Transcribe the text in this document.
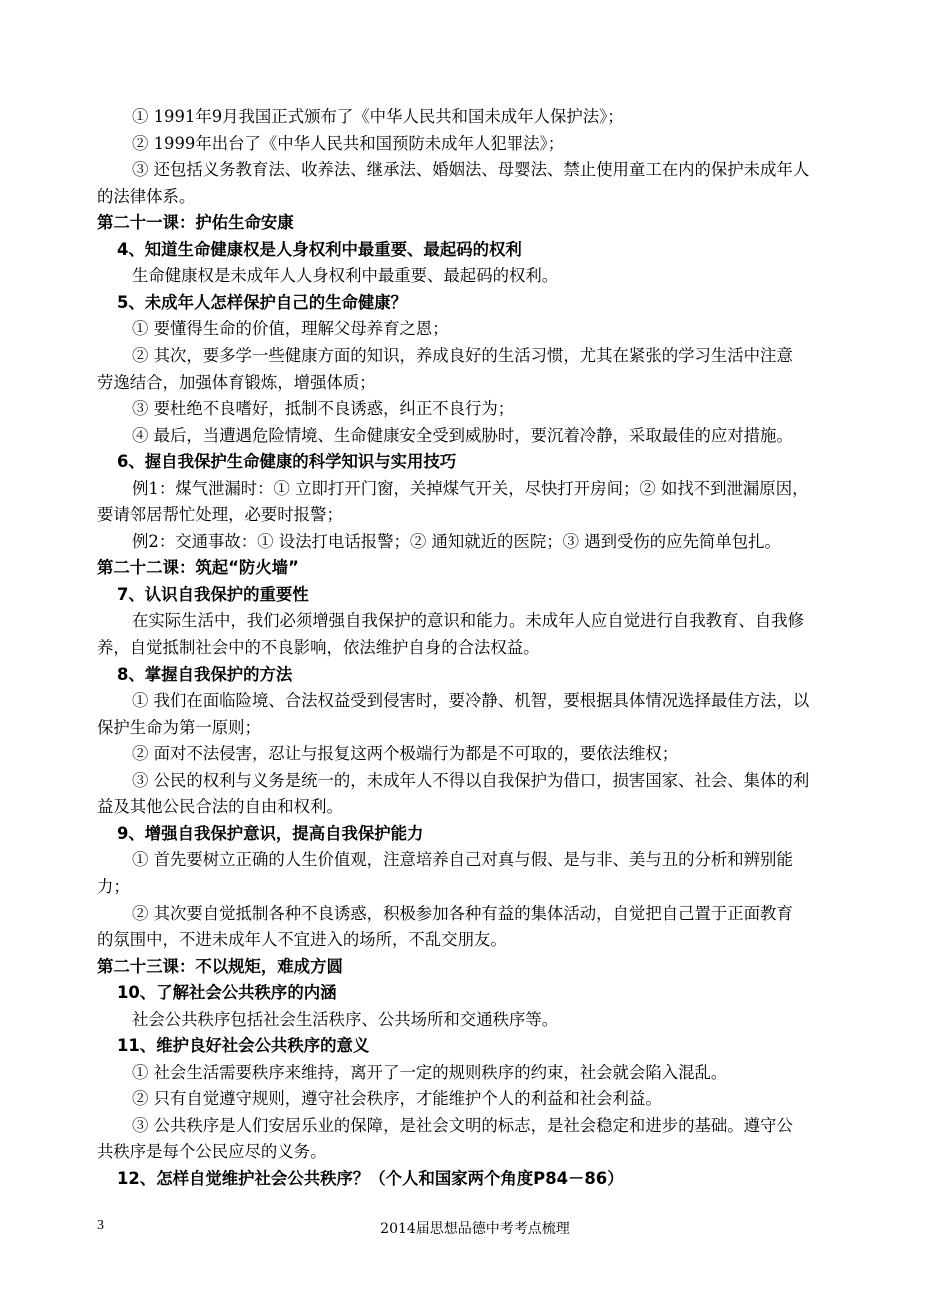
① 1991年9月我国正式颁布了《中华人民共和国未成年人保护法》；
② 1999年出台了《中华人民共和国预防未成年人犯罪法》；
③ 还包括义务教育法、收养法、继承法、婚姻法、母婴法、禁止使用童工在内的保护未成年人
的法律体系。
第二十一课：护佑生命安康
4、知道生命健康权是人身权利中最重要、最起码的权利
生命健康权是未成年人人身权利中最重要、最起码的权利。
5、未成年人怎样保护自己的生命健康？
① 要懂得生命的价值，理解父母养育之恩；
② 其次，要多学一些健康方面的知识，养成良好的生活习惯，尤其在紧张的学习生活中注意
劳逸结合，加强体育锻炼，增强体质；
③ 要杜绝不良嗜好，抵制不良诱惑，纠正不良行为；
④ 最后，当遭遇危险情境、生命健康安全受到威胁时，要沉着冷静，采取最佳的应对措施。
6、握自我保护生命健康的科学知识与实用技巧
例1：煤气泄漏时：① 立即打开门窗，关掉煤气开关，尽快打开房间；② 如找不到泄漏原因，
要请邻居帮忙处理，必要时报警；
例2：交通事故：① 设法打电话报警；② 通知就近的医院；③ 遇到受伤的应先简单包扎。
第二十二课：筑起“防火墙”
7、认识自我保护的重要性
在实际生活中，我们必须增强自我保护的意识和能力。未成年人应自觉进行自我教育、自我修
养，自觉抵制社会中的不良影响，依法维护自身的合法权益。
8、掌握自我保护的方法
① 我们在面临险境、合法权益受到侵害时，要冷静、机智，要根据具体情况选择最佳方法，以
保护生命为第一原则；
② 面对不法侵害，忍让与报复这两个极端行为都是不可取的，要依法维权；
③ 公民的权利与义务是统一的，未成年人不得以自我保护为借口，损害国家、社会、集体的利
益及其他公民合法的自由和权利。
9、增强自我保护意识，提高自我保护能力
① 首先要树立正确的人生价值观，注意培养自己对真与假、是与非、美与丑的分析和辨别能
力；
② 其次要自觉抵制各种不良诱惑，积极参加各种有益的集体活动，自觉把自己置于正面教育
的氛围中，不进未成年人不宜进入的场所，不乱交朋友。
第二十三课：不以规矩，难成方圆
10、了解社会公共秩序的内涵
社会公共秩序包括社会生活秩序、公共场所和交通秩序等。
11、维护良好社会公共秩序的意义
① 社会生活需要秩序来维持，离开了一定的规则秩序的约束，社会就会陷入混乱。
② 只有自觉遵守规则，遵守社会秩序，才能维护个人的利益和社会利益。
③ 公共秩序是人们安居乐业的保障，是社会文明的标志，是社会稳定和进步的基础。遵守公
共秩序是每个公民应尽的义务。
12、怎样自觉维护社会公共秩序？（个人和国家两个角度P84－86）
3	2014届思想品德中考考点梳理
